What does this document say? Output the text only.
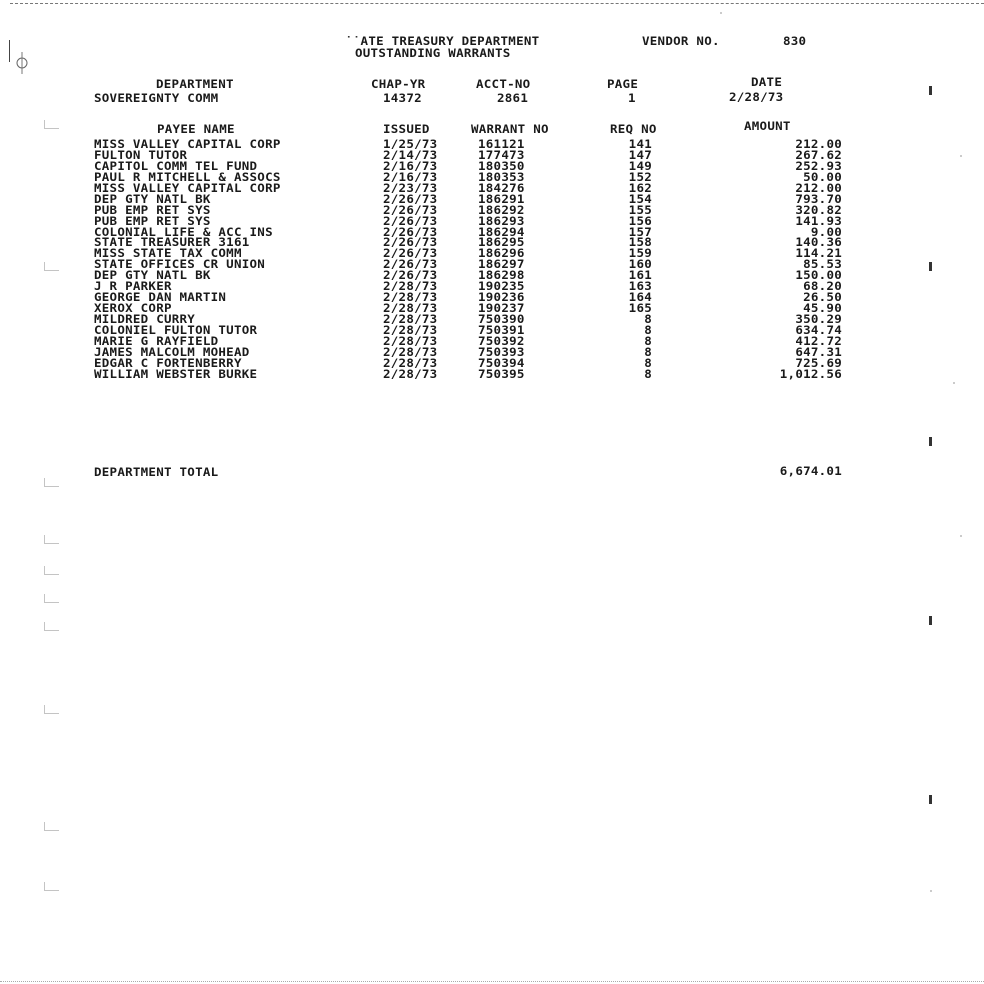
˙˙ATE TREASURY DEPARTMENT
OUTSTANDING WARRANTS
VENDOR NO.	830
DEPARTMENT	CHAP-YR	ACCT-NO	PAGE	DATE
SOVEREIGNTY COMM	14372	2861	1	2/28/73
PAYEE NAME	ISSUED	WARRANT NO	REQ NO	AMOUNT
MISS VALLEY CAPITAL CORP	1/25/73	161121	141	212.00
FULTON TUTOR	2/14/73	177473	147	267.62
CAPITOL COMM TEL FUND	2/16/73	180350	149	252.93
PAUL R MITCHELL & ASSOCS	2/16/73	180353	152	50.00
MISS VALLEY CAPITAL CORP	2/23/73	184276	162	212.00
DEP GTY NATL BK	2/26/73	186291	154	793.70
PUB EMP RET SYS	2/26/73	186292	155	320.82
PUB EMP RET SYS	2/26/73	186293	156	141.93
COLONIAL LIFE & ACC INS	2/26/73	186294	157	9.00
STATE TREASURER 3161	2/26/73	186295	158	140.36
MISS STATE TAX COMM	2/26/73	186296	159	114.21
STATE OFFICES CR UNION	2/26/73	186297	160	85.53
DEP GTY NATL BK	2/26/73	186298	161	150.00
J R PARKER	2/28/73	190235	163	68.20
GEORGE DAN MARTIN	2/28/73	190236	164	26.50
XEROX CORP	2/28/73	190237	165	45.90
MILDRED CURRY	2/28/73	750390	8	350.29
COLONIEL FULTON TUTOR	2/28/73	750391	8	634.74
MARIE G RAYFIELD	2/28/73	750392	8	412.72
JAMES MALCOLM MOHEAD	2/28/73	750393	8	647.31
EDGAR C FORTENBERRY	2/28/73	750394	8	725.69
WILLIAM WEBSTER BURKE	2/28/73	750395	8	1,012.56
DEPARTMENT TOTAL	6,674.01
